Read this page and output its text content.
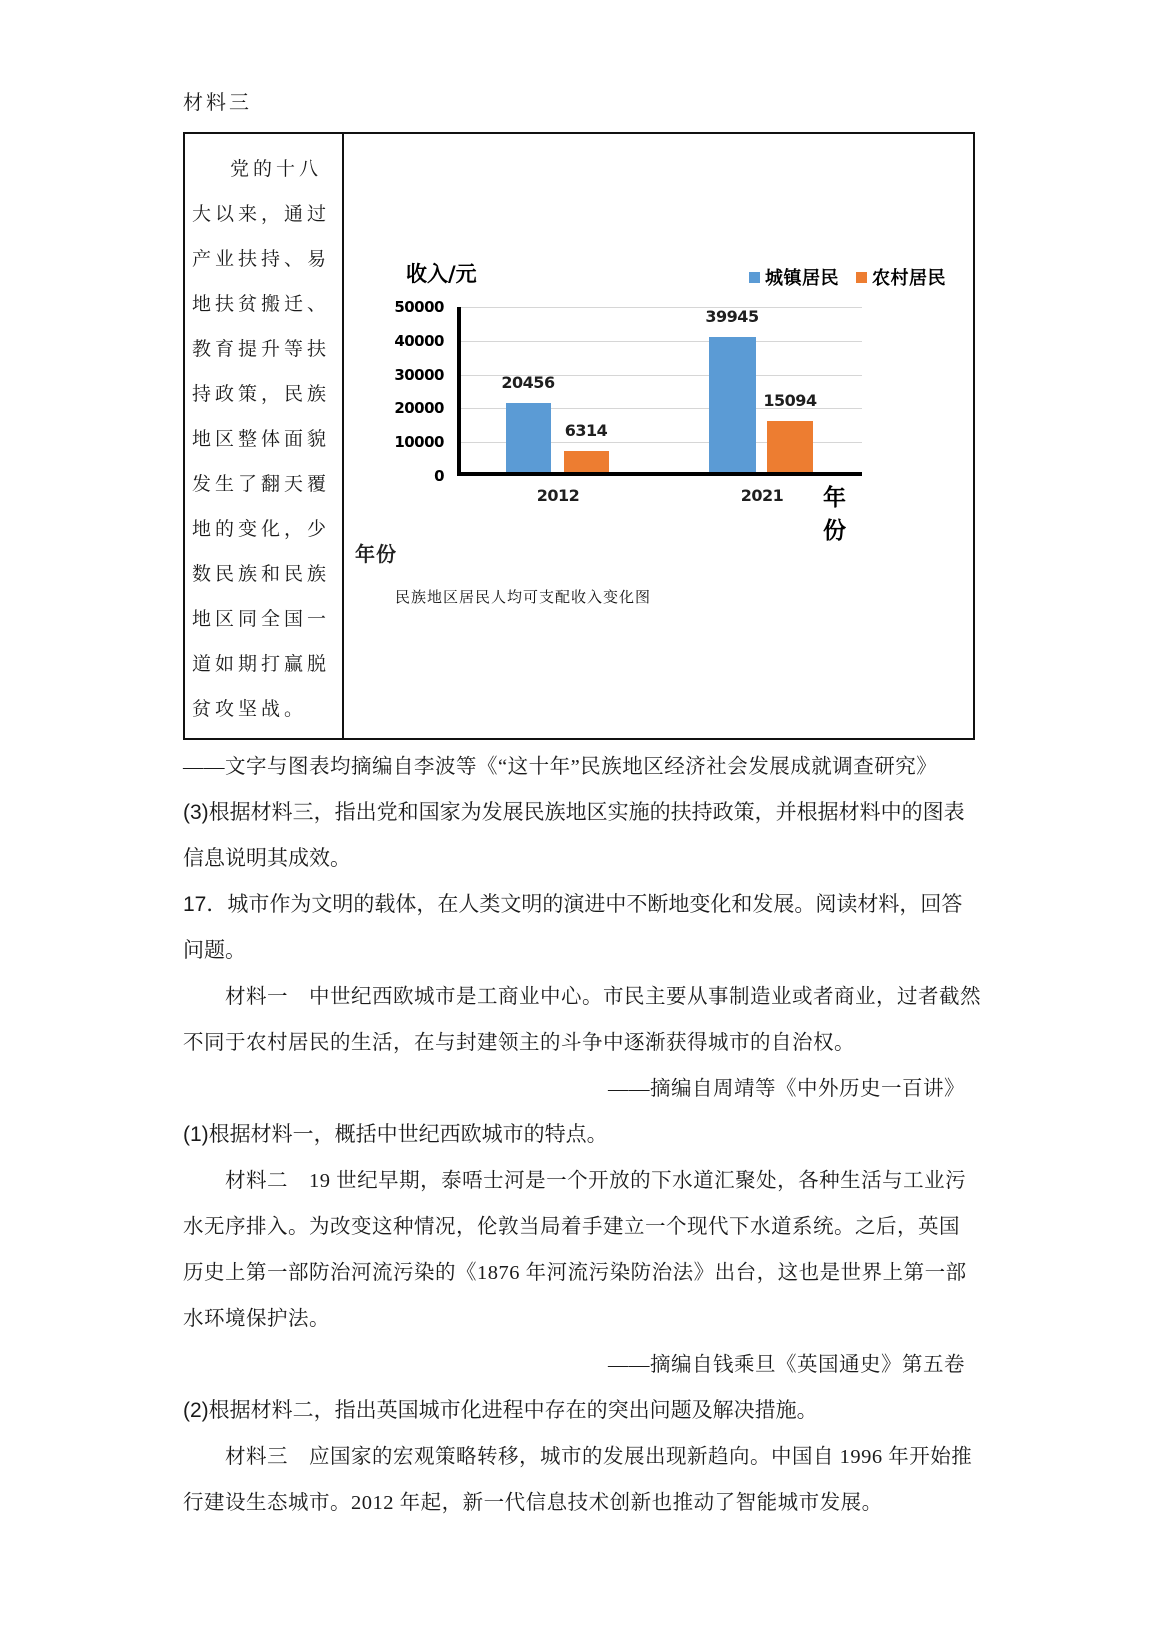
材料三
党的十八
大以来，通过
产业扶持、易
地扶贫搬迁、
教育提升等扶
持政策，民族
地区整体面貌
发生了翻天覆
地的变化，少
数民族和民族
地区同全国一
道如期打赢脱
贫攻坚战。
收入/元	城镇居民 农村居民
50000
40000
30000
20000
10000
0
20456
6314
39945
15094
2012	2021	年份
年份
民族地区居民人均可支配收入变化图
——文字与图表均摘编自李波等《“这十年”民族地区经济社会发展成就调查研究》
(3)根据材料三，指出党和国家为发展民族地区实施的扶持政策，并根据材料中的图表
信息说明其成效。
17．城市作为文明的载体，在人类文明的演进中不断地变化和发展。阅读材料，回答
问题。
材料一　中世纪西欧城市是工商业中心。市民主要从事制造业或者商业，过者截然
不同于农村居民的生活，在与封建领主的斗争中逐渐获得城市的自治权。
——摘编自周靖等《中外历史一百讲》
(1)根据材料一，概括中世纪西欧城市的特点。
材料二　19 世纪早期，泰唔士河是一个开放的下水道汇聚处，各种生活与工业污
水无序排入。为改变这种情况，伦敦当局着手建立一个现代下水道系统。之后，英国
历史上第一部防治河流污染的《1876 年河流污染防治法》出台，这也是世界上第一部
水环境保护法。
——摘编自钱乘旦《英国通史》第五卷
(2)根据材料二，指出英国城市化进程中存在的突出问题及解决措施。
材料三　应国家的宏观策略转移，城市的发展出现新趋向。中国自 1996 年开始推
行建设生态城市。2012 年起，新一代信息技术创新也推动了智能城市发展。
